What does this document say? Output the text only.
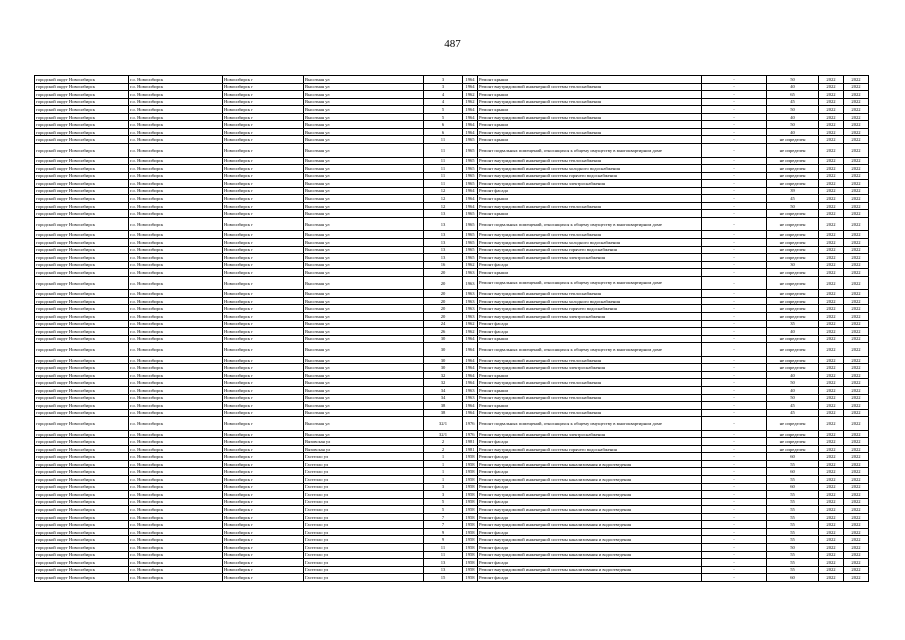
487
городской округ Новосибирск	г.о. Новосибирск	Новосибирск г	Высотная ул	3	1964	Ремонт крыши	-	50	2022	2022
городской округ Новосибирск	г.о. Новосибирск	Новосибирск г	Высотная ул	3	1964	Ремонт внутридомовой инженерной системы теплоснабжения	-	40	2022	2022
городской округ Новосибирск	г.о. Новосибирск	Новосибирск г	Высотная ул	4	1962	Ремонт крыши	-	65	2022	2022
городской округ Новосибирск	г.о. Новосибирск	Новосибирск г	Высотная ул	4	1962	Ремонт внутридомовой инженерной системы теплоснабжения	-	45	2022	2022
городской округ Новосибирск	г.о. Новосибирск	Новосибирск г	Высотная ул	5	1964	Ремонт крыши	-	50	2022	2022
городской округ Новосибирск	г.о. Новосибирск	Новосибирск г	Высотная ул	5	1964	Ремонт внутридомовой инженерной системы теплоснабжения	-	40	2022	2022
городской округ Новосибирск	г.о. Новосибирск	Новосибирск г	Высотная ул	6	1964	Ремонт крыши	-	50	2022	2022
городской округ Новосибирск	г.о. Новосибирск	Новосибирск г	Высотная ул	6	1964	Ремонт внутридомовой инженерной системы теплоснабжения	-	40	2022	2022
городской округ Новосибирск	г.о. Новосибирск	Новосибирск г	Высотная ул	11	1965	Ремонт крыши	-	не определен	2022	2022
городской округ Новосибирск	г.о. Новосибирск	Новосибирск г	Высотная ул	11	1965	Ремонт подвальных помещений, относящихся к общему имуществу в многоквартирном доме	-	не определен	2022	2022
городской округ Новосибирск	г.о. Новосибирск	Новосибирск г	Высотная ул	11	1965	Ремонт внутридомовой инженерной системы теплоснабжения	-	не определен	2022	2022
городской округ Новосибирск	г.о. Новосибирск	Новосибирск г	Высотная ул	11	1965	Ремонт внутридомовой инженерной системы холодного водоснабжения	-	не определен	2022	2022
городской округ Новосибирск	г.о. Новосибирск	Новосибирск г	Высотная ул	11	1965	Ремонт внутридомовой инженерной системы горячего водоснабжения	-	не определен	2022	2022
городской округ Новосибирск	г.о. Новосибирск	Новосибирск г	Высотная ул	11	1965	Ремонт внутридомовой инженерной системы электроснабжения	-	не определен	2022	2022
городской округ Новосибирск	г.о. Новосибирск	Новосибирск г	Высотная ул	12	1964	Ремонт фасада	-	39	2022	2022
городской округ Новосибирск	г.о. Новосибирск	Новосибирск г	Высотная ул	12	1964	Ремонт крыши	-	45	2022	2022
городской округ Новосибирск	г.о. Новосибирск	Новосибирск г	Высотная ул	12	1964	Ремонт внутридомовой инженерной системы теплоснабжения	-	50	2022	2022
городской округ Новосибирск	г.о. Новосибирск	Новосибирск г	Высотная ул	13	1965	Ремонт крыши	-	не определен	2022	2022
городской округ Новосибирск	г.о. Новосибирск	Новосибирск г	Высотная ул	13	1965	Ремонт подвальных помещений, относящихся к общему имуществу в многоквартирном доме	-	не определен	2022	2022
городской округ Новосибирск	г.о. Новосибирск	Новосибирск г	Высотная ул	13	1965	Ремонт внутридомовой инженерной системы теплоснабжения	-	не определен	2022	2022
городской округ Новосибирск	г.о. Новосибирск	Новосибирск г	Высотная ул	13	1965	Ремонт внутридомовой инженерной системы холодного водоснабжения	-	не определен	2022	2022
городской округ Новосибирск	г.о. Новосибирск	Новосибирск г	Высотная ул	13	1965	Ремонт внутридомовой инженерной системы горячего водоснабжения	-	не определен	2022	2022
городской округ Новосибирск	г.о. Новосибирск	Новосибирск г	Высотная ул	13	1965	Ремонт внутридомовой инженерной системы электроснабжения	-	не определен	2022	2022
городской округ Новосибирск	г.о. Новосибирск	Новосибирск г	Высотная ул	16	1962	Ремонт фасада	-	30	2022	2022
городской округ Новосибирск	г.о. Новосибирск	Новосибирск г	Высотная ул	20	1963	Ремонт крыши	-	не определен	2022	2022
городской округ Новосибирск	г.о. Новосибирск	Новосибирск г	Высотная ул	20	1963	Ремонт подвальных помещений, относящихся к общему имуществу в многоквартирном доме	-	не определен	2022	2022
городской округ Новосибирск	г.о. Новосибирск	Новосибирск г	Высотная ул	20	1963	Ремонт внутридомовой инженерной системы теплоснабжения	-	не определен	2022	2022
городской округ Новосибирск	г.о. Новосибирск	Новосибирск г	Высотная ул	20	1963	Ремонт внутридомовой инженерной системы холодного водоснабжения	-	не определен	2022	2022
городской округ Новосибирск	г.о. Новосибирск	Новосибирск г	Высотная ул	20	1963	Ремонт внутридомовой инженерной системы горячего водоснабжения	-	не определен	2022	2022
городской округ Новосибирск	г.о. Новосибирск	Новосибирск г	Высотная ул	20	1963	Ремонт внутридомовой инженерной системы электроснабжения	-	не определен	2022	2022
городской округ Новосибирск	г.о. Новосибирск	Новосибирск г	Высотная ул	24	1962	Ремонт фасада	-	35	2022	2022
городской округ Новосибирск	г.о. Новосибирск	Новосибирск г	Высотная ул	26	1962	Ремонт фасада	-	40	2022	2022
городской округ Новосибирск	г.о. Новосибирск	Новосибирск г	Высотная ул	30	1964	Ремонт крыши	-	не определен	2022	2022
городской округ Новосибирск	г.о. Новосибирск	Новосибирск г	Высотная ул	30	1964	Ремонт подвальных помещений, относящихся к общему имуществу в многоквартирном доме	-	не определен	2022	2022
городской округ Новосибирск	г.о. Новосибирск	Новосибирск г	Высотная ул	30	1964	Ремонт внутридомовой инженерной системы теплоснабжения	-	не определен	2022	2022
городской округ Новосибирск	г.о. Новосибирск	Новосибирск г	Высотная ул	30	1964	Ремонт внутридомовой инженерной системы электроснабжения	-	не определен	2022	2022
городской округ Новосибирск	г.о. Новосибирск	Новосибирск г	Высотная ул	32	1964	Ремонт крыши	-	40	2022	2022
городской округ Новосибирск	г.о. Новосибирск	Новосибирск г	Высотная ул	32	1964	Ремонт внутридомовой инженерной системы теплоснабжения	-	50	2022	2022
городской округ Новосибирск	г.о. Новосибирск	Новосибирск г	Высотная ул	34	1963	Ремонт крыши	-	40	2022	2022
городской округ Новосибирск	г.о. Новосибирск	Новосибирск г	Высотная ул	34	1963	Ремонт внутридомовой инженерной системы теплоснабжения	-	50	2022	2022
городской округ Новосибирск	г.о. Новосибирск	Новосибирск г	Высотная ул	38	1964	Ремонт крыши	-	45	2022	2022
городской округ Новосибирск	г.о. Новосибирск	Новосибирск г	Высотная ул	38	1964	Ремонт внутридомовой инженерной системы теплоснабжения	-	45	2022	2022
городской округ Новосибирск	г.о. Новосибирск	Новосибирск г	Высотная ул	32/1	1976	Ремонт подвальных помещений, относящихся к общему имуществу в многоквартирном доме	-	не определен	2022	2022
городской округ Новосибирск	г.о. Новосибирск	Новосибирск г	Высотная ул	32/1	1976	Ремонт внутридомовой инженерной системы электроснабжения	-	не определен	2022	2022
городской округ Новосибирск	г.о. Новосибирск	Новосибирск г	Вязовская ул	2	1981	Ремонт фасада	-	не определен	2022	2022
городской округ Новосибирск	г.о. Новосибирск	Новосибирск г	Вязовская ул	2	1981	Ремонт внутридомовой инженерной системы горячего водоснабжения	-	не определен	2022	2022
городской округ Новосибирск	г.о. Новосибирск	Новосибирск г	Гастелло ул	1	1958	Ремонт фасада	-	60	2022	2022
городской округ Новосибирск	г.о. Новосибирск	Новосибирск г	Гастелло ул	1	1958	Ремонт внутридомовой инженерной системы канализования и водоотведения	-	55	2022	2022
городской округ Новосибирск	г.о. Новосибирск	Новосибирск г	Гастелло ул	1	1958	Ремонт фасада	-	60	2022	2022
городской округ Новосибирск	г.о. Новосибирск	Новосибирск г	Гастелло ул	1	1958	Ремонт внутридомовой инженерной системы канализования и водоотведения	-	55	2022	2022
городской округ Новосибирск	г.о. Новосибирск	Новосибирск г	Гастелло ул	3	1958	Ремонт фасада	-	60	2022	2022
городской округ Новосибирск	г.о. Новосибирск	Новосибирск г	Гастелло ул	3	1958	Ремонт внутридомовой инженерной системы канализования и водоотведения	-	55	2022	2022
городской округ Новосибирск	г.о. Новосибирск	Новосибирск г	Гастелло ул	5	1958	Ремонт фасада	-	55	2022	2022
городской округ Новосибирск	г.о. Новосибирск	Новосибирск г	Гастелло ул	5	1958	Ремонт внутридомовой инженерной системы канализования и водоотведения	-	55	2022	2022
городской округ Новосибирск	г.о. Новосибирск	Новосибирск г	Гастелло ул	7	1958	Ремонт фасада	-	55	2022	2022
городской округ Новосибирск	г.о. Новосибирск	Новосибирск г	Гастелло ул	7	1958	Ремонт внутридомовой инженерной системы канализования и водоотведения	-	55	2022	2022
городской округ Новосибирск	г.о. Новосибирск	Новосибирск г	Гастелло ул	9	1958	Ремонт фасада	-	55	2022	2022
городской округ Новосибирск	г.о. Новосибирск	Новосибирск г	Гастелло ул	9	1958	Ремонт внутридомовой инженерной системы канализования и водоотведения	-	55	2022	2022
городской округ Новосибирск	г.о. Новосибирск	Новосибирск г	Гастелло ул	11	1958	Ремонт фасада	-	50	2022	2022
городской округ Новосибирск	г.о. Новосибирск	Новосибирск г	Гастелло ул	11	1958	Ремонт внутридомовой инженерной системы канализования и водоотведения	-	55	2022	2022
городской округ Новосибирск	г.о. Новосибирск	Новосибирск г	Гастелло ул	13	1958	Ремонт фасада	-	55	2022	2022
городской округ Новосибирск	г.о. Новосибирск	Новосибирск г	Гастелло ул	13	1958	Ремонт внутридомовой инженерной системы канализования и водоотведения	-	55	2022	2022
городской округ Новосибирск	г.о. Новосибирск	Новосибирск г	Гастелло ул	15	1958	Ремонт фасада	-	60	2022	2022
